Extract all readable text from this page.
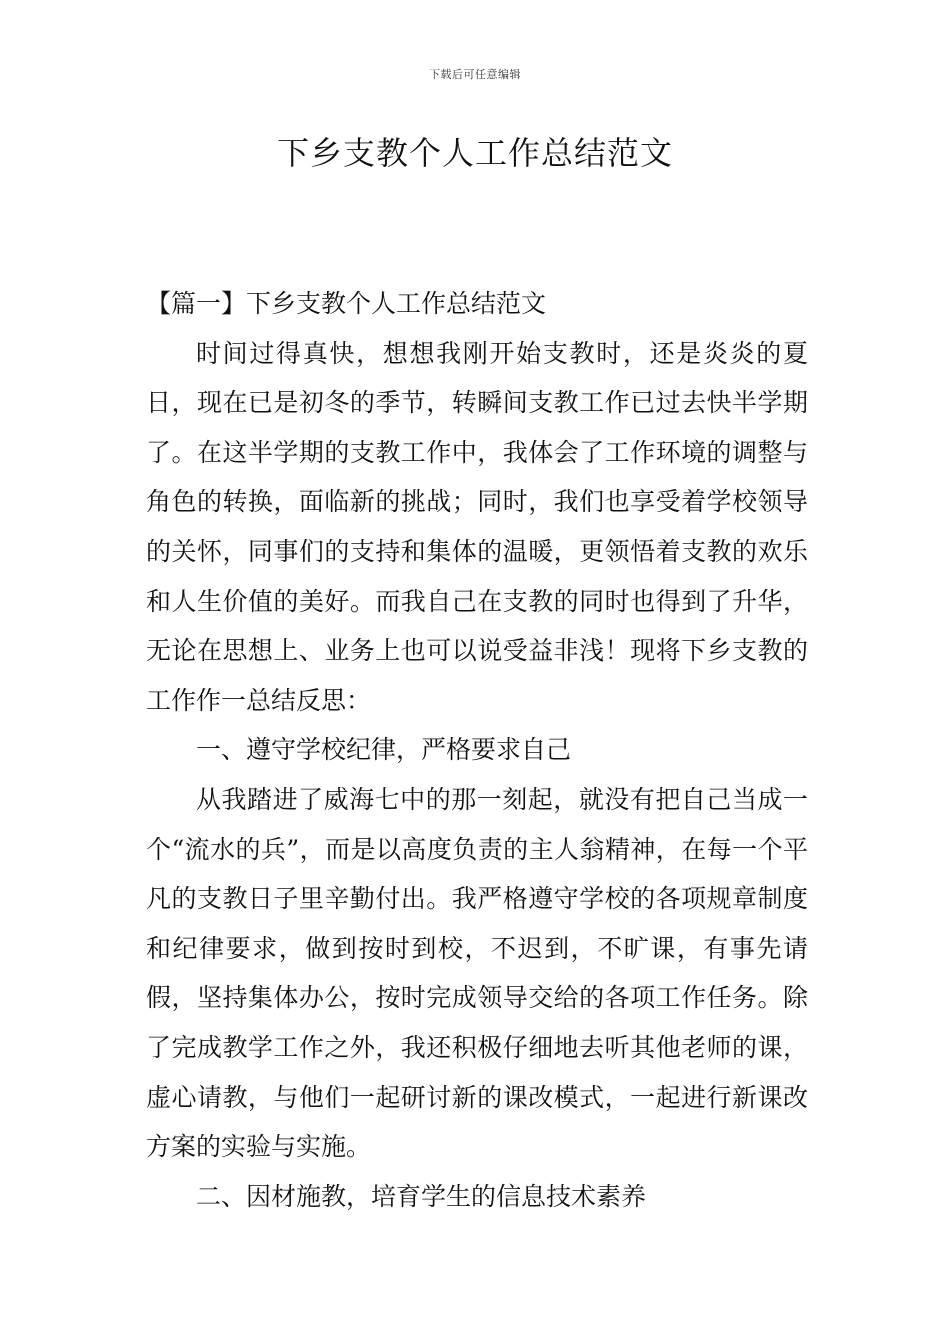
下载后可任意编辑
下乡支教个人工作总结范文

【篇一】下乡支教个人工作总结范文

时间过得真快，想想我刚开始支教时，还是炎炎的夏日，现在已是初冬的季节，转瞬间支教工作已过去快半学期了。在这半学期的支教工作中，我体会了工作环境的调整与角色的转换，面临新的挑战；同时，我们也享受着学校领导的关怀，同事们的支持和集体的温暖，更领悟着支教的欢乐和人生价值的美好。而我自己在支教的同时也得到了升华，无论在思想上、业务上也可以说受益非浅！现将下乡支教的工作作一总结反思：

一、遵守学校纪律，严格要求自己

从我踏进了威海七中的那一刻起，就没有把自己当成一个“流水的兵”，而是以高度负责的主人翁精神，在每一个平凡的支教日子里辛勤付出。我严格遵守学校的各项规章制度和纪律要求，做到按时到校，不迟到，不旷课，有事先请假，坚持集体办公，按时完成领导交给的各项工作任务。除了完成教学工作之外，我还积极仔细地去听其他老师的课，虚心请教，与他们一起研讨新的课改模式，一起进行新课改方案的实验与实施。

二、因材施教，培育学生的信息技术素养
